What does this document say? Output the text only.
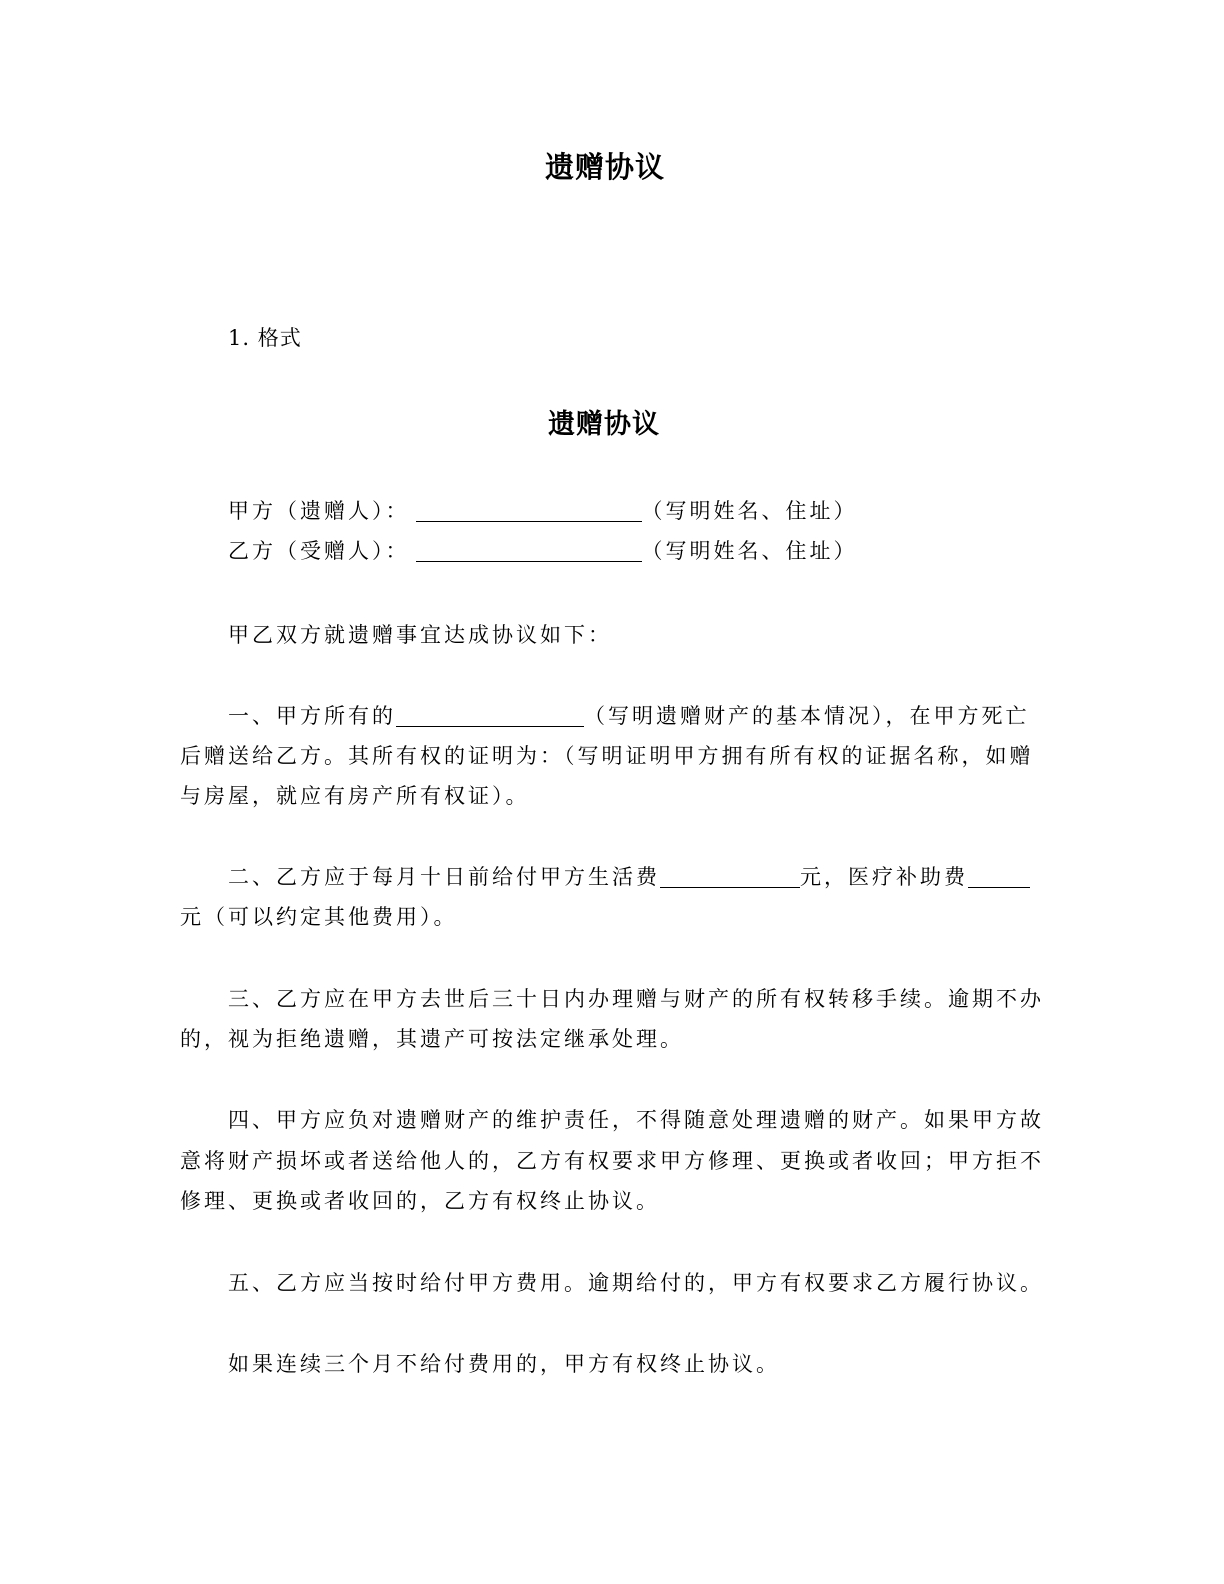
遗赠协议
1. 格式
遗赠协议
甲方（遗赠人）：	（写明姓名、住址）
乙方（受赠人）：	（写明姓名、住址）
甲乙双方就遗赠事宜达成协议如下：
一、甲方所有的	（写明遗赠财产的基本情况），在甲方死亡
后赠送给乙方。其所有权的证明为：（写明证明甲方拥有所有权的证据名称，如赠
与房屋，就应有房产所有权证）。
二、乙方应于每月十日前给付甲方生活费	元，医疗补助费
元（可以约定其他费用）。
三、乙方应在甲方去世后三十日内办理赠与财产的所有权转移手续。逾期不办
的，视为拒绝遗赠，其遗产可按法定继承处理。
四、甲方应负对遗赠财产的维护责任，不得随意处理遗赠的财产。如果甲方故
意将财产损坏或者送给他人的，乙方有权要求甲方修理、更换或者收回；甲方拒不
修理、更换或者收回的，乙方有权终止协议。
五、乙方应当按时给付甲方费用。逾期给付的，甲方有权要求乙方履行协议。
如果连续三个月不给付费用的，甲方有权终止协议。
